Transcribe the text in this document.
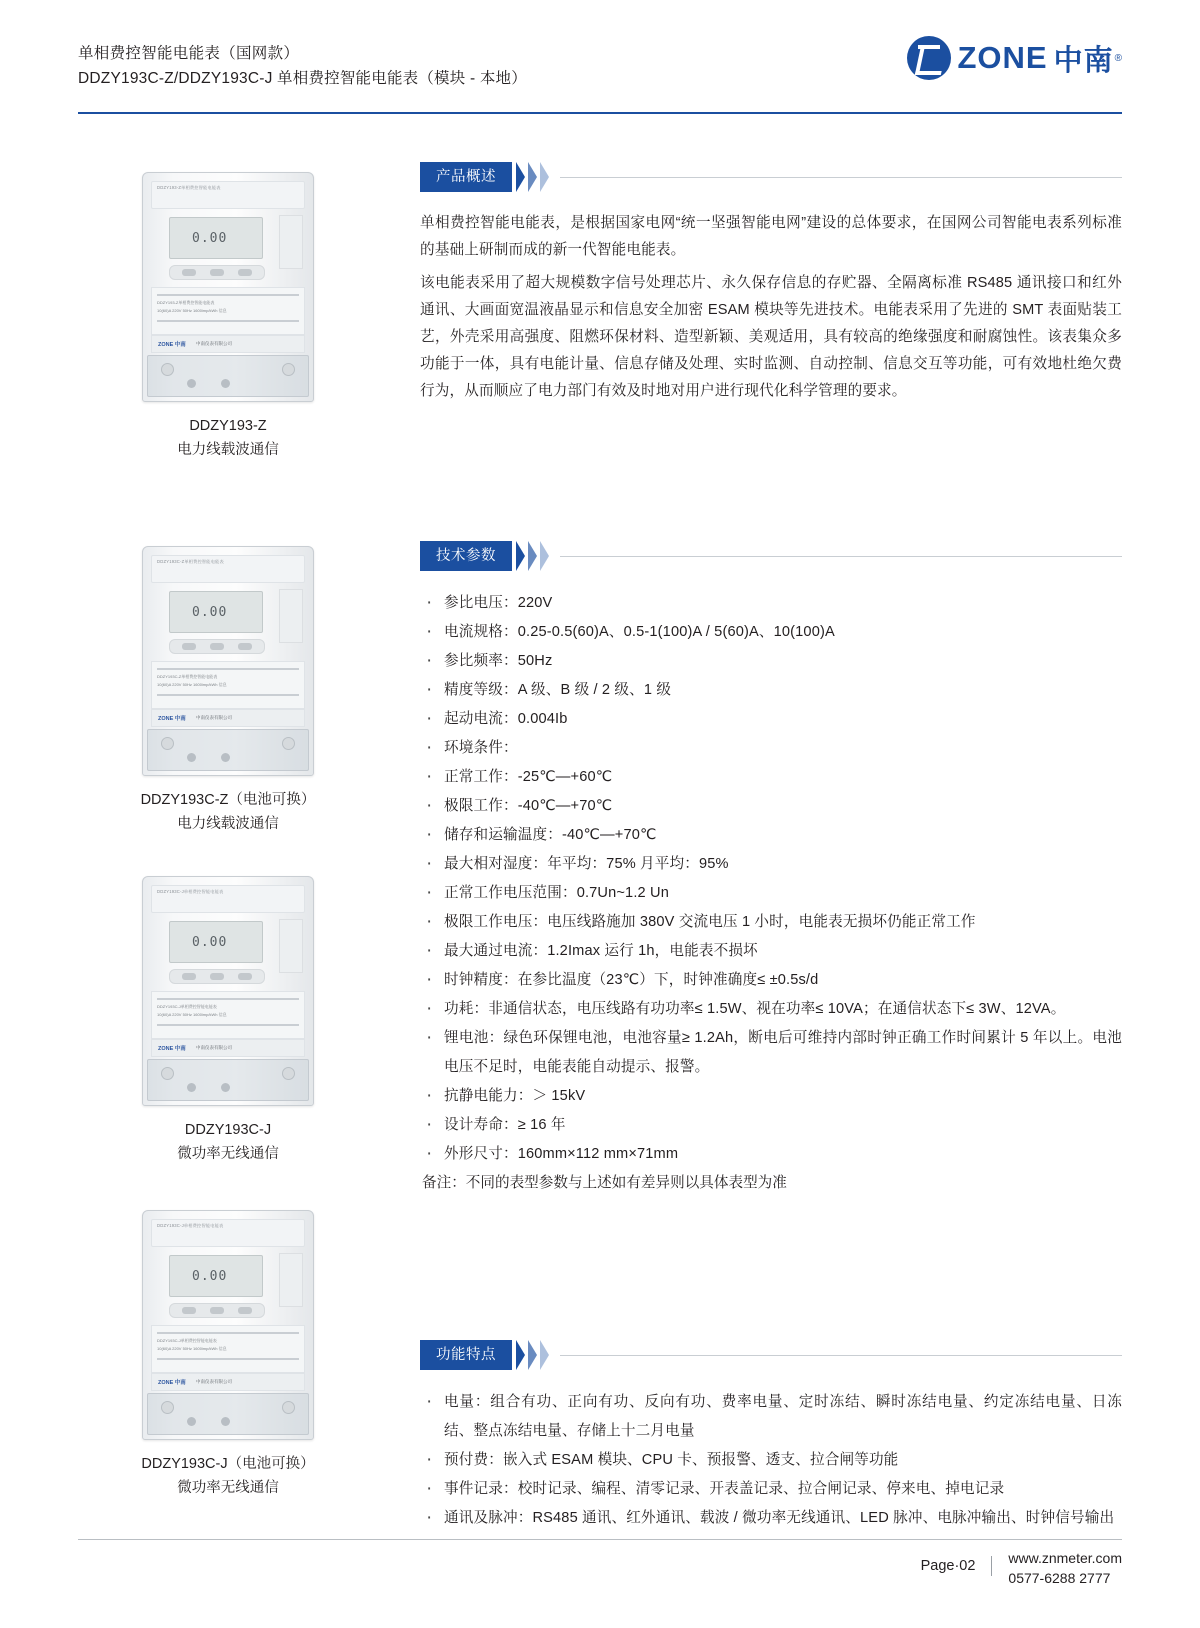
单相费控智能电能表（国网款）
DDZY193C-Z/DDZY193C-J 单相费控智能电能表（模块 - 本地）
ZONE 中南 ®
DDZY193-Z单相费控智能电能表
0.00
DDZY193-Z单相费控智能电能表
10(60)A 220V 50Hz 1600imp/kWh 信息
ZONE 中南 中南仪表有限公司
DDZY193-Z
电力线载波通信
DDZY193C-Z单相费控智能电能表
0.00
DDZY193C-Z单相费控智能电能表
10(60)A 220V 50Hz 1600imp/kWh 信息
ZONE 中南 中南仪表有限公司
DDZY193C-Z（电池可换）
电力线载波通信
DDZY193C-J单相费控智能电能表
0.00
DDZY193C-J单相费控智能电能表
10(60)A 220V 50Hz 1600imp/kWh 信息
ZONE 中南 中南仪表有限公司
DDZY193C-J
微功率无线通信
DDZY193C-J单相费控智能电能表
0.00
DDZY193C-J单相费控智能电能表
10(60)A 220V 50Hz 1600imp/kWh 信息
ZONE 中南 中南仪表有限公司
DDZY193C-J（电池可换）
微功率无线通信
产品概述

单相费控智能电能表，是根据国家电网“统一坚强智能电网”建设的总体要求，在国网公司智能电表系列标准的基础上研制而成的新一代智能电能表。

该电能表采用了超大规模数字信号处理芯片、永久保存信息的存贮器、全隔离标准 RS485 通讯接口和红外通讯、大画面宽温液晶显示和信息安全加密 ESAM 模块等先进技术。电能表采用了先进的 SMT 表面贴装工艺，外壳采用高强度、阻燃环保材料、造型新颖、美观适用，具有较高的绝缘强度和耐腐蚀性。该表集众多功能于一体，具有电能计量、信息存储及处理、实时监测、自动控制、信息交互等功能，可有效地杜绝欠费行为，从而顺应了电力部门有效及时地对用户进行现代化科学管理的要求。

技术参数
· 参比电压：220V
· 电流规格：0.25-0.5(60)A、0.5-1(100)A / 5(60)A、10(100)A
· 参比频率：50Hz
· 精度等级：A 级、B 级 / 2 级、1 级
· 起动电流：0.004Ib
· 环境条件：
· 正常工作：-25℃—+60℃
· 极限工作：-40℃—+70℃
· 储存和运输温度：-40℃—+70℃
· 最大相对湿度：年平均：75% 月平均：95%
· 正常工作电压范围：0.7Un~1.2 Un
· 极限工作电压：电压线路施加 380V 交流电压 1 小时，电能表无损坏仍能正常工作
· 最大通过电流：1.2Imax 运行 1h，电能表不损坏
· 时钟精度：在参比温度（23℃）下，时钟准确度≤ ±0.5s/d
· 功耗：非通信状态，电压线路有功功率≤ 1.5W、视在功率≤ 10VA；在通信状态下≤ 3W、12VA。
· 锂电池：绿色环保锂电池，电池容量≥ 1.2Ah，断电后可维持内部时钟正确工作时间累计 5 年以上。电池电压不足时，电能表能自动提示、报警。
· 抗静电能力：＞ 15kV
· 设计寿命：≥ 16 年
· 外形尺寸：160mm×112 mm×71mm
备注：不同的表型参数与上述如有差异则以具体表型为准
功能特点
· 电量：组合有功、正向有功、反向有功、费率电量、定时冻结、瞬时冻结电量、约定冻结电量、日冻结、整点冻结电量、存储上十二月电量
· 预付费：嵌入式 ESAM 模块、CPU 卡、预报警、透支、拉合闸等功能
· 事件记录：校时记录、编程、清零记录、开表盖记录、拉合闸记录、停来电、掉电记录
· 通讯及脉冲：RS485 通讯、红外通讯、载波 / 微功率无线通讯、LED 脉冲、电脉冲输出、时钟信号输出
Page·02	www.znmeter.com
0577-6288 2777
